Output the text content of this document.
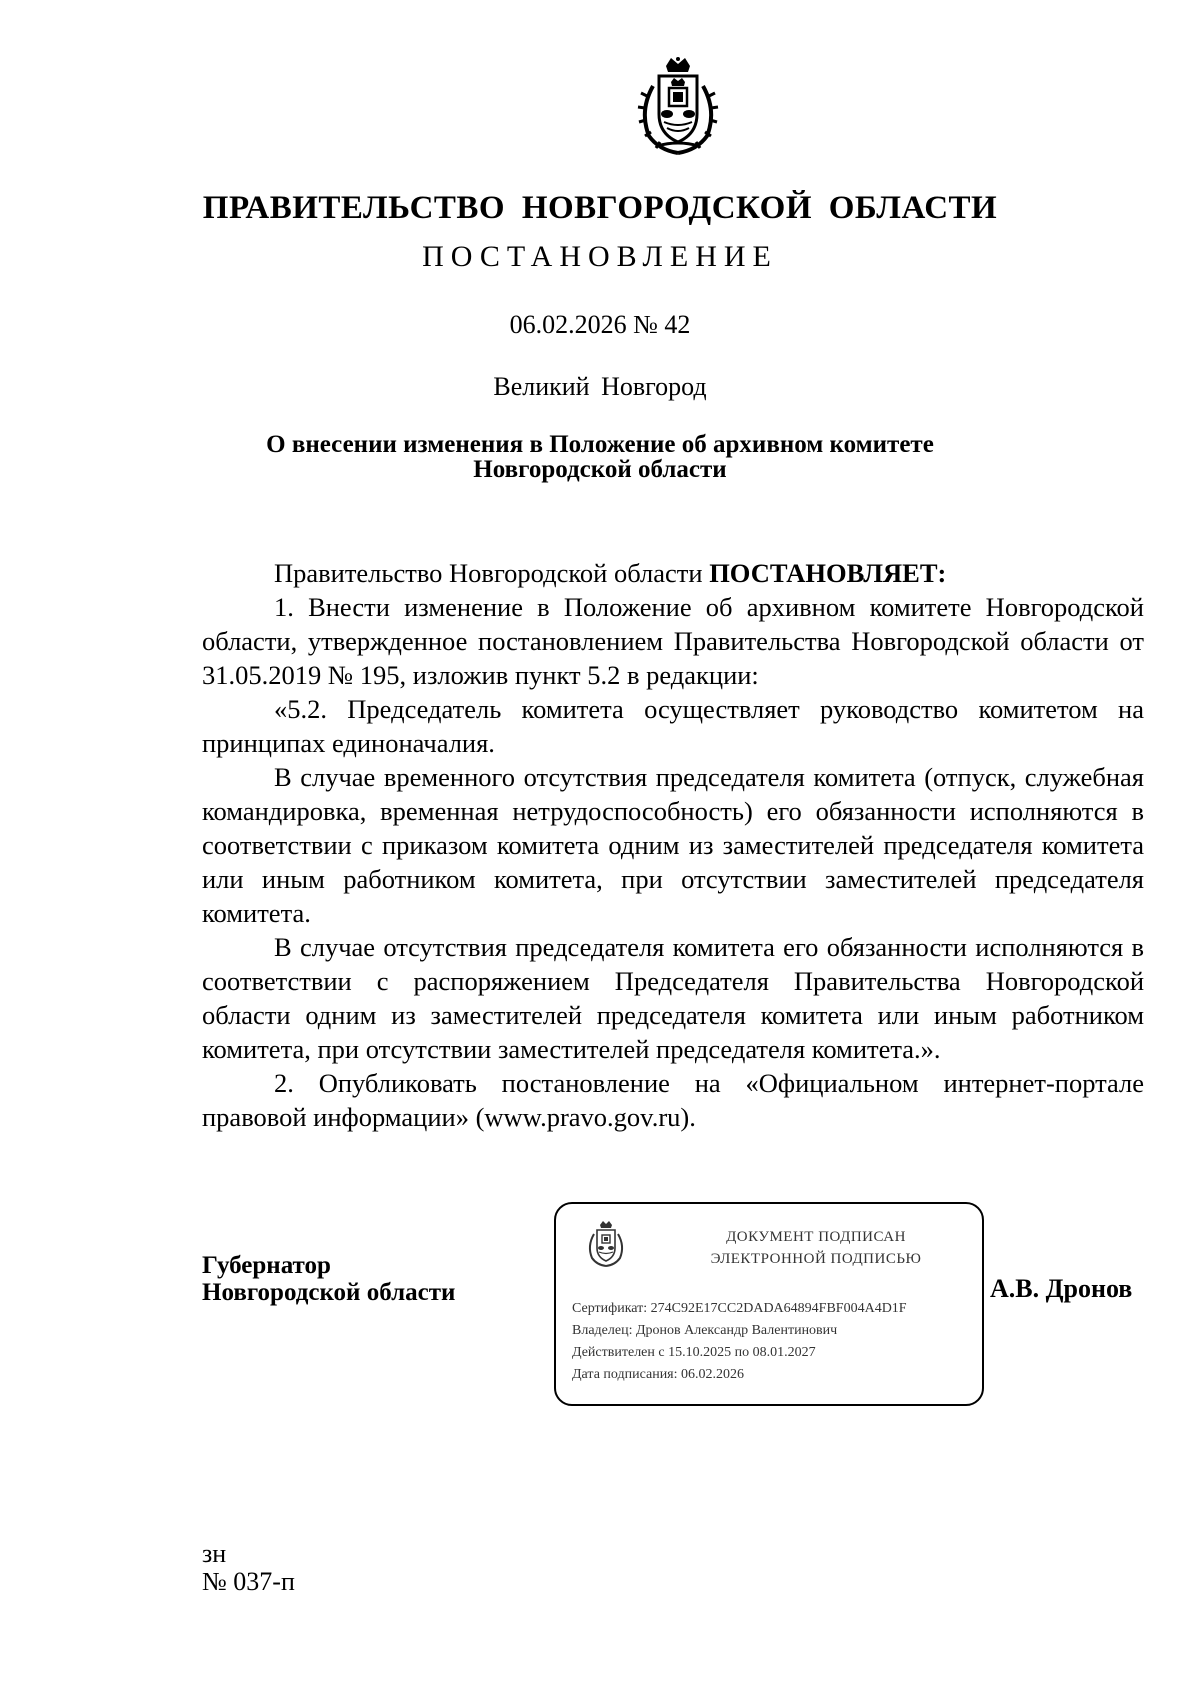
ПРАВИТЕЛЬСТВО НОВГОРОДСКОЙ ОБЛАСТИ
ПОСТАНОВЛЕНИЕ
06.02.2026 № 42
Великий Новгород
О внесении изменения в Положение об архивном комитете
Новгородской области

Правительство Новгородской области ПОСТАНОВЛЯЕТ:

1. Внести изменение в Положение об архивном комитете Новгородской области, утвержденное постановлением Правительства Новгородской области от 31.05.2019 № 195, изложив пункт 5.2 в редакции:

«5.2. Председатель комитета осуществляет руководство комитетом на принципах единоначалия.

В случае временного отсутствия председателя комитета (отпуск, служебная командировка, временная нетрудоспособность) его обязанности исполняются в соответствии с приказом комитета одним из заместителей председателя комитета или иным работником комитета, при отсутствии заместителей председателя комитета.

В случае отсутствия председателя комитета его обязанности исполняются в соответствии с распоряжением Председателя Правительства Новгородской области одним из заместителей председателя комитета или иным работником комитета, при отсутствии заместителей председателя комитета.».

2. Опубликовать постановление на «Официальном интернет-портале правовой информации» (www.pravo.gov.ru).

Губернатор
Новгородской области
ДОКУМЕНТ ПОДПИСАН
ЭЛЕКТРОННОЙ ПОДПИСЬЮ
Сертификат: 274C92E17CC2DADA64894FBF004A4D1F
Владелец: Дронов Александр Валентинович
Действителен с 15.10.2025 по 08.01.2027
Дата подписания: 06.02.2026
А.В. Дронов
зн
№ 037-п
